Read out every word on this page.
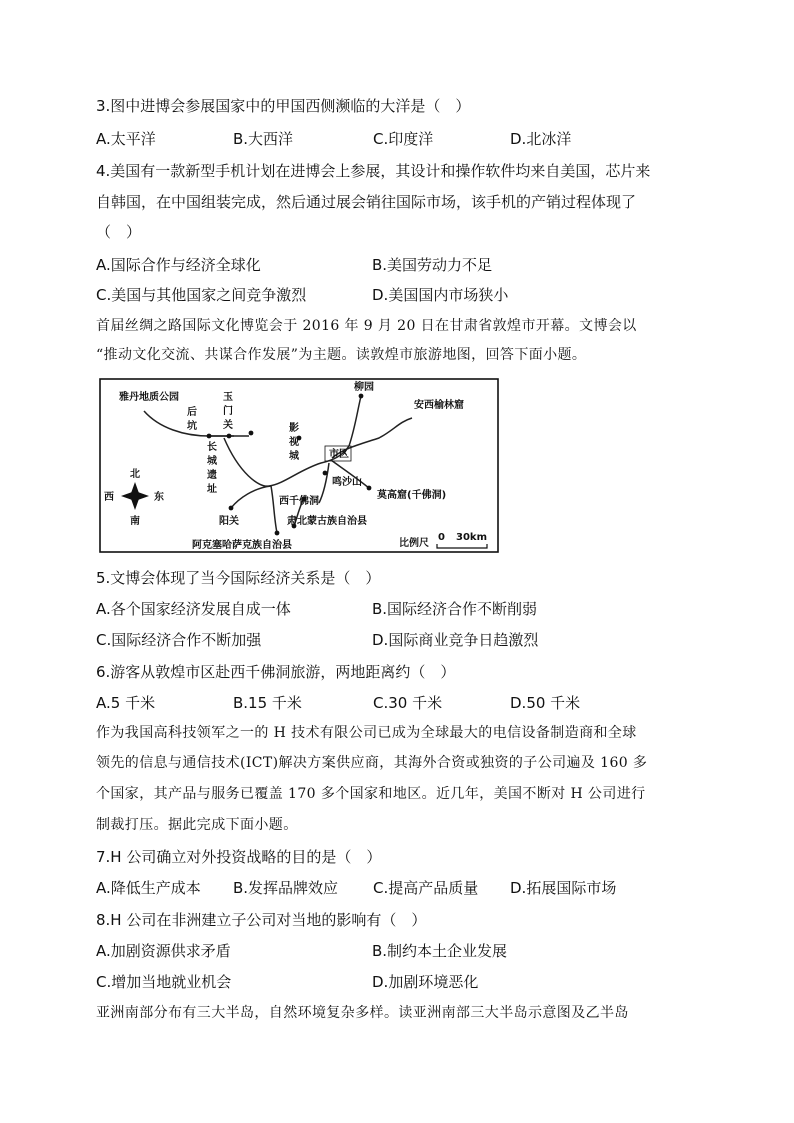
3.图中进博会参展国家中的甲国西侧濒临的大洋是（　）
A.太平洋	B.大西洋	C.印度洋	D.北冰洋
4.美国有一款新型手机计划在进博会上参展，其设计和操作软件均来自美国，芯片来
自韩国，在中国组装完成，然后通过展会销往国际市场，该手机的产销过程体现了
（　）
A.国际合作与经济全球化	B.美国劳动力不足
C.美国与其他国家之间竞争激烈	D.美国国内市场狭小
首届丝绸之路国际文化博览会于 2016 年 9 月 20 日在甘肃省敦煌市开幕。文博会以
“推动文化交流、共谋合作发展”为主题。读敦煌市旅游地图，回答下面小题。
雅丹地质公园
后
坑
玉
门
关
柳园
安西榆林窟
影
视
城
长
城
遗
址
市区
鸣沙山
莫高窟(千佛洞)
西千佛洞
阳关	肃北蒙古族自治县
阿克塞哈萨克族自治县
北
南
东
西
比例尺
0 30km
5.文博会体现了当今国际经济关系是（　）
A.各个国家经济发展自成一体	B.国际经济合作不断削弱
C.国际经济合作不断加强	D.国际商业竞争日趋激烈
6.游客从敦煌市区赴西千佛洞旅游，两地距离约（　）
A.5 千米	B.15 千米	C.30 千米	D.50 千米
作为我国高科技领军之一的 H 技术有限公司已成为全球最大的电信设备制造商和全球
领先的信息与通信技术(ICT)解决方案供应商，其海外合资或独资的子公司遍及 160 多
个国家，其产品与服务已覆盖 170 多个国家和地区。近几年，美国不断对 H 公司进行
制裁打压。据此完成下面小题。
7.H 公司确立对外投资战略的目的是（　）
A.降低生产成本 B.发挥品牌效应 C.提高产品质量 D.拓展国际市场
8.H 公司在非洲建立子公司对当地的影响有（　）
A.加剧资源供求矛盾	B.制约本土企业发展
C.增加当地就业机会	D.加剧环境恶化
亚洲南部分布有三大半岛，自然环境复杂多样。读亚洲南部三大半岛示意图及乙半岛
